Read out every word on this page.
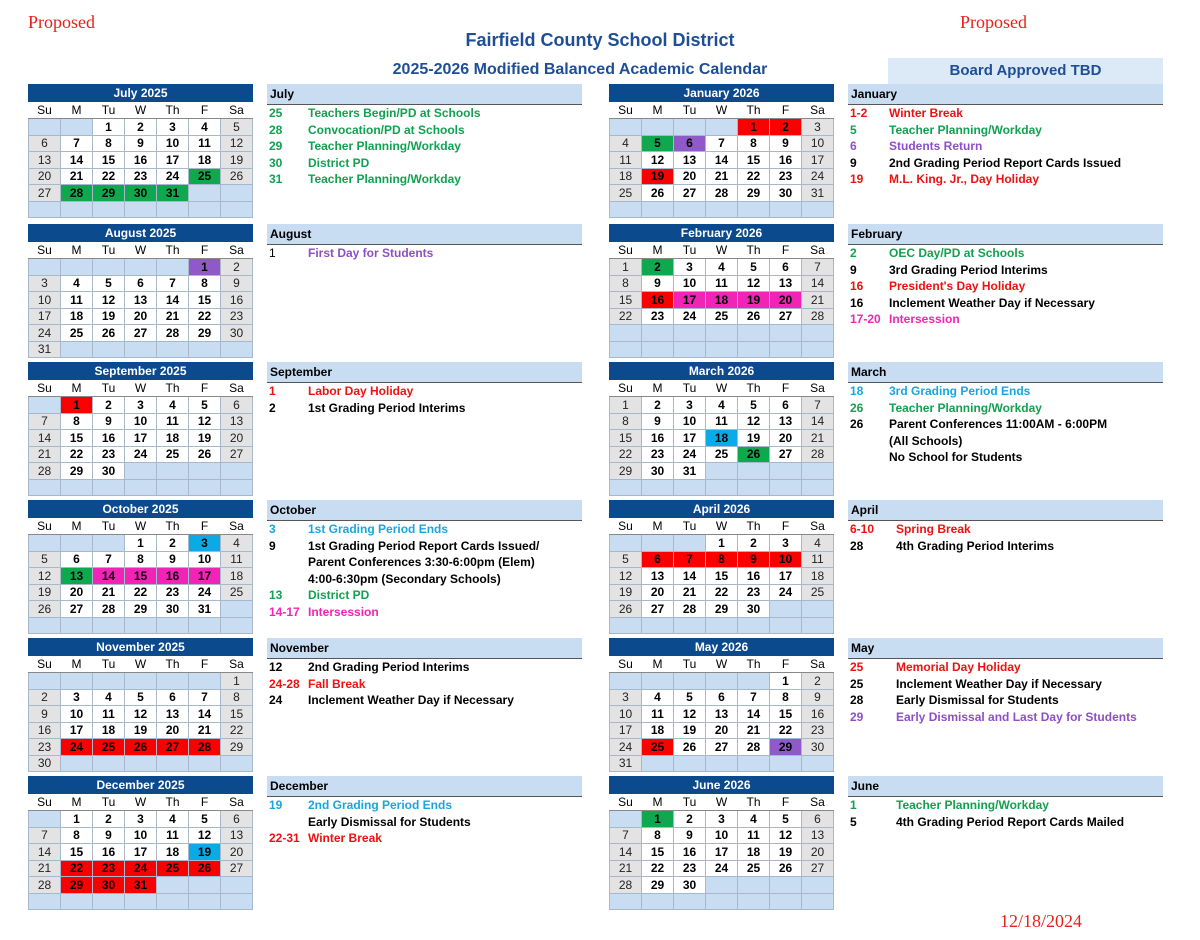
Proposed	Proposed
Fairfield County School District
2025-2026 Modified Balanced Academic Calendar	Board Approved TBD
12/18/2024
July 2025
Su	M	Tu	W	Th	F	Sa
		1	2	3	4	5
6	7	8	9	10	11	12
13	14	15	16	17	18	19
20	21	22	23	24	25	26
27	28	29	30	31		

July
25 Teachers Begin/PD at Schools
28 Convocation/PD at Schools
29 Teacher Planning/Workday
30 District PD
31 Teacher Planning/Workday
August 2025
Su	M	Tu	W	Th	F	Sa
					1	2
3	4	5	6	7	8	9
10	11	12	13	14	15	16
17	18	19	20	21	22	23
24	25	26	27	28	29	30
31						
August
1	First Day for Students
September 2025
Su	M	Tu	W	Th	F	Sa
	1	2	3	4	5	6
7	8	9	10	11	12	13
14	15	16	17	18	19	20
21	22	23	24	25	26	27
28	29	30				

September
1	Labor Day Holiday
2	1st Grading Period Interims
October 2025
Su	M	Tu	W	Th	F	Sa
			1	2	3	4
5	6	7	8	9	10	11
12	13	14	15	16	17	18
19	20	21	22	23	24	25
26	27	28	29	30	31	

October
3	1st Grading Period Ends
9	1st Grading Period Report Cards Issued/
Parent Conferences 3:30-6:00pm (Elem)
4:00-6:30pm (Secondary Schools)
13 District PD
14-17 Intersession
November 2025
Su	M	Tu	W	Th	F	Sa
						1
2	3	4	5	6	7	8
9	10	11	12	13	14	15
16	17	18	19	20	21	22
23	24	25	26	27	28	29
30						
November
12 2nd Grading Period Interims
24-28 Fall Break
24 Inclement Weather Day if Necessary
December 2025
Su	M	Tu	W	Th	F	Sa
	1	2	3	4	5	6
7	8	9	10	11	12	13
14	15	16	17	18	19	20
21	22	23	24	25	26	27
28	29	30	31			

December
19 2nd Grading Period Ends
Early Dismissal for Students
22-31 Winter Break
January 2026
Su	M	Tu	W	Th	F	Sa
				1	2	3
4	5	6	7	8	9	10
11	12	13	14	15	16	17
18	19	20	21	22	23	24
25	26	27	28	29	30	31

January
1-2 Winter Break
5	Teacher Planning/Workday
6	Students Return
9	2nd Grading Period Report Cards Issued
19 M.L. King. Jr., Day Holiday
February 2026
Su	M	Tu	W	Th	F	Sa
1	2	3	4	5	6	7
8	9	10	11	12	13	14
15	16	17	18	19	20	21
22	23	24	25	26	27	28

February
2	OEC Day/PD at Schools
9	3rd Grading Period Interims
16 President's Day Holiday
16 Inclement Weather Day if Necessary
17-20 Intersession
March 2026
Su	M	Tu	W	Th	F	Sa
1	2	3	4	5	6	7
8	9	10	11	12	13	14
15	16	17	18	19	20	21
22	23	24	25	26	27	28
29	30	31				

March
18 3rd Grading Period Ends
26 Teacher Planning/Workday
26 Parent Conferences 11:00AM - 6:00PM
(All Schools)
No School for Students
April 2026
Su	M	Tu	W	Th	F	Sa
			1	2	3	4
5	6	7	8	9	10	11
12	13	14	15	16	17	18
19	20	21	22	23	24	25
26	27	28	29	30		

April
6-10 Spring Break
28	4th Grading Period Interims
May 2026
Su	M	Tu	W	Th	F	Sa
					1	2
3	4	5	6	7	8	9
10	11	12	13	14	15	16
17	18	19	20	21	22	23
24	25	26	27	28	29	30
31						
May
25	Memorial Day Holiday
25	Inclement Weather Day if Necessary
28	Early Dismissal for Students
29	Early Dismissal and Last Day for Students
June 2026
Su	M	Tu	W	Th	F	Sa
	1	2	3	4	5	6
7	8	9	10	11	12	13
14	15	16	17	18	19	20
21	22	23	24	25	26	27
28	29	30				

June
1	Teacher Planning/Workday
5	4th Grading Period Report Cards Mailed
